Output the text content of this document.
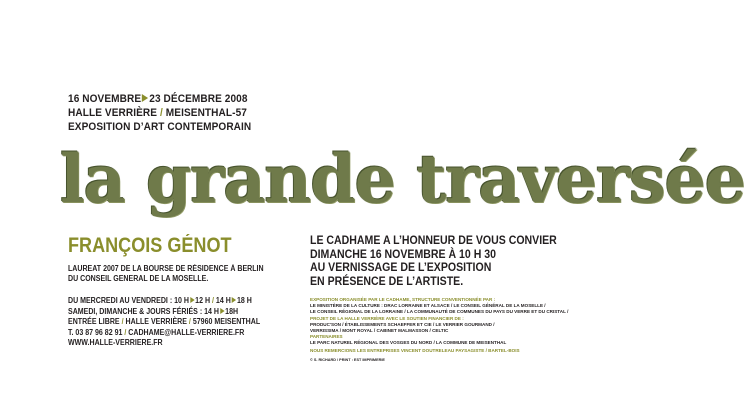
16 NOVEMBRE 23 DÉCEMBRE 2008
HALLE VERRIÈRE / MEISENTHAL-57
EXPOSITION D’ART CONTEMPORAIN
la grande traversée
FRANÇOIS GÉNOT
LAUREAT 2007 DE LA BOURSE DE RÉSIDENCE À BERLIN
DU CONSEIL GENERAL DE LA MOSELLE.
DU MERCREDI AU VENDREDI : 10 H 12 H / 14 H 18 H
SAMEDI, DIMANCHE & JOURS FÉRIÉS : 14 H 18H
ENTRÉE LIBRE / HALLE VERRIÈRE / 57960 MEISENTHAL
T. 03 87 96 82 91 / CADHAME@HALLE-VERRIERE.FR
WWW.HALLE-VERRIERE.FR
LE CADHAME A L’HONNEUR DE VOUS CONVIER
DIMANCHE 16 NOVEMBRE À 10 H 30
AU VERNISSAGE DE L’EXPOSITION
EN PRÉSENCE DE L’ARTISTE.
EXPOSITION ORGANISÉE PAR LE CADHAME, STRUCTURE CONVENTIONNÉE PAR :
LE MINISTÈRE DE LA CULTURE : DRAC LORRAINE ET ALSACE / LE CONSEIL GÉNÉRAL DE LA MOSELLE /
LE CONSEIL RÉGIONAL DE LA LORRAINE / LA COMMUNAUTÉ DE COMMUNES DU PAYS DU VERRE ET DU CRISTAL /
PROJET DE LA HALLE VERRIÈRE AVEC LE SOUTIEN FINANCIER DE :
PRODUC'SON / ÉTABLISSEMENTS SCHAEFFER ET CIE / LE VERRIER GOURMAND /
VERRISSIMA / MONT ROYAL / CABINET MALMASSON / CELTIC
PARTENAIRES
LE PARC NATUREL RÉGIONAL DES VOSGES DU NORD / LA COMMUNE DE MEISENTHAL
NOUS REMERCIONS LES ENTREPRISES VINCENT DOUTRELEAU PAYSAGISTE / BARTEL-BOIS
© S. RICHARD / PRINT : EST IMPRIMERIE
